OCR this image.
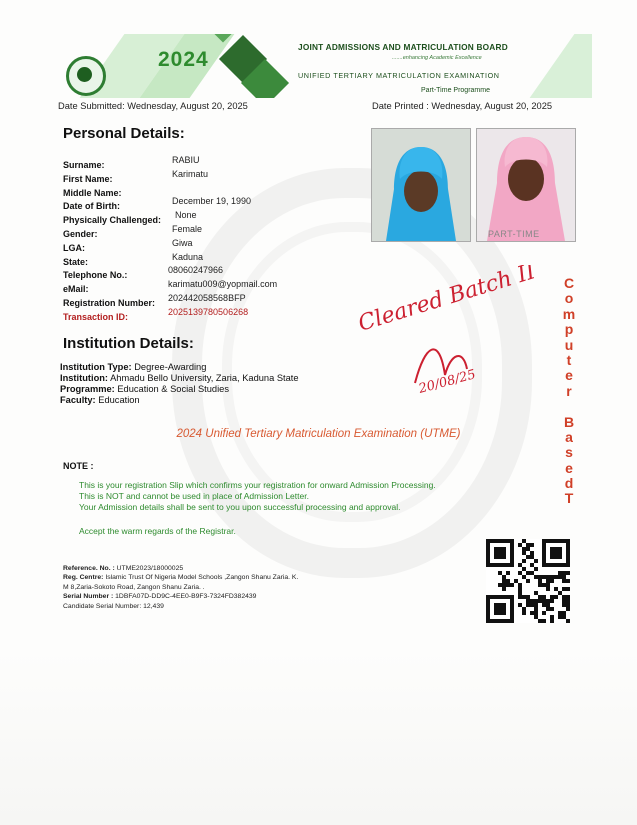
2024
JOINT ADMISSIONS AND MATRICULATION BOARD
.......enhancing Academic Excellence
UNIFIED TERTIARY MATRICULATION EXAMINATION
Part-Time Programme
Date Submitted: Wednesday, August 20, 2025	Date Printed : Wednesday, August 20, 2025
Personal Details:
Surname:	RABIU
First Name:	Karimatu
Middle Name:
Date of Birth:	December 19, 1990
Physically Challenged: None
Gender:	Female
LGA:	Giwa
State:	Kaduna
Telephone No.:	08060247966
eMail:	karimatu009@yopmail.com
Registration Number: 202442058568BFP
Transaction ID:	2025139780506268
PART-TIME
Cleared Batch II
20/08/25
C
o
m
p
u
t
e
r
B
a
s
e
d
T
Institution Details:
Institution Type: Degree-Awarding
Institution: Ahmadu Bello University, Zaria, Kaduna State
Programme: Education & Social Studies
Faculty: Education
2024 Unified Tertiary Matriculation Examination (UTME)
NOTE :
This is your registration Slip which confirms your registration for onward Admission Processing.
This is NOT and cannot be used in place of Admission Letter.
Your Admission details shall be sent to you upon successful processing and approval.
Accept the warm regards of the Registrar.
Reference. No. : UTME2023/18000025
Reg. Centre: Islamic Trust Of Nigeria Model Schools ,Zangon Shanu Zaria. K.
M 8,Zaria-Sokoto Road, Zangon Shanu Zaria. .
Serial Number : 1DBFA07D-DD9C-4EE0-B9F3-7324FD382439
Candidate Serial Number: 12,439
